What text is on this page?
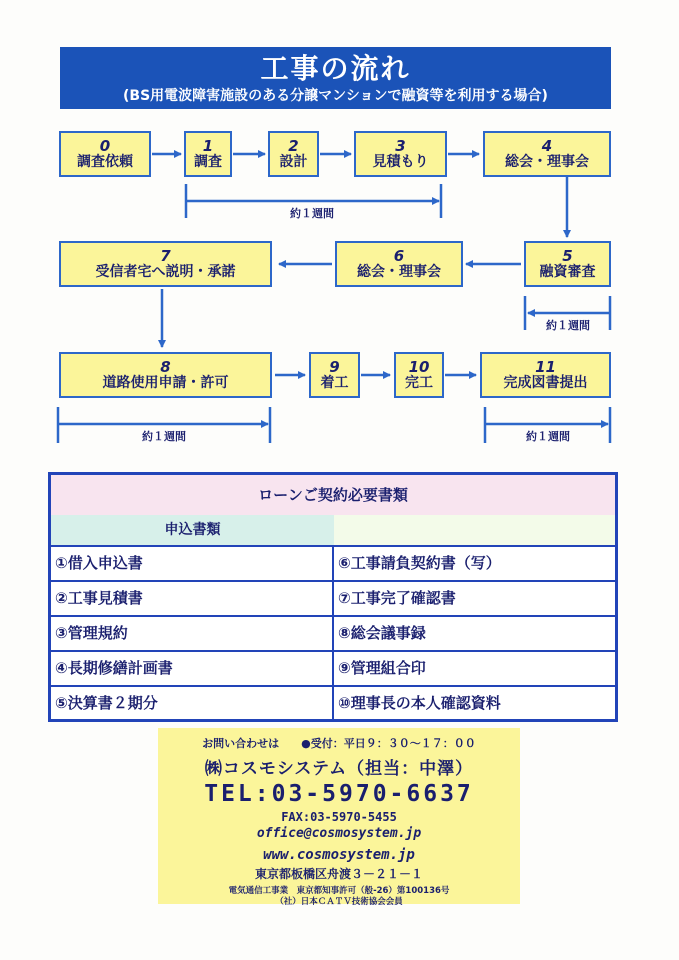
工事の流れ
(BS用電波障害施設のある分譲マンションで融資等を利用する場合)
約１週間
約１週間
約１週間	約１週間
0
調査依頼
1
調査
2
設計
3
見積もり
4
総会・理事会
7
受信者宅へ説明・承諾
6
総会・理事会
5
融資審査
8
道路使用申請・許可
9
着工
10
完工
11
完成図書提出
ローンご契約必要書類
申込書類
①借入申込書	⑥工事請負契約書（写）
②工事見積書	⑦工事完了確認書
③管理規約	⑧総会議事録
④長期修繕計画書	⑨管理組合印
⑤決算書２期分	⑩理事長の本人確認資料
お問い合わせは　　●受付：平日９：３０～１７：００
㈱コスモシステム（担当：中澤）
TEL:03-5970-6637
FAX:03-5970-5455
office@cosmosystem.jp
www.cosmosystem.jp
東京都板橋区舟渡３－２１－１
電気通信工事業　東京都知事許可（般-26）第100136号
（社）日本ＣＡＴＶ技術協会会員
